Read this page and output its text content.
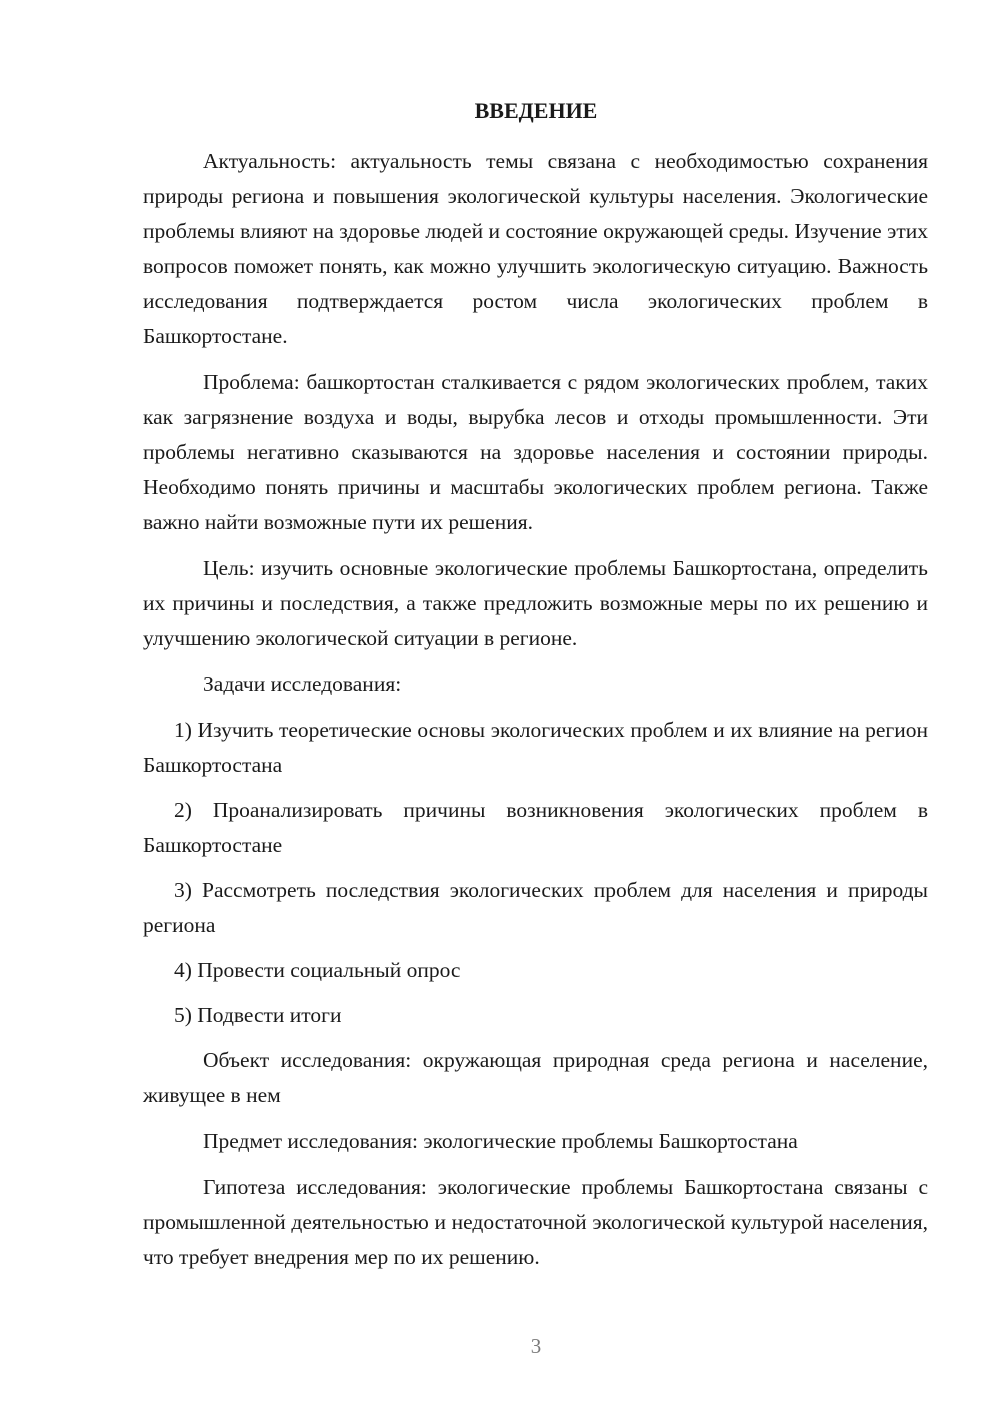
ВВЕДЕНИЕ

Актуальность: актуальность темы связана с необходимостью сохранения природы региона и повышения экологической культуры населения. Экологические проблемы влияют на здоровье людей и состояние окружающей среды. Изучение этих вопросов поможет понять, как можно улучшить экологическую ситуацию. Важность исследования подтверждается ростом числа экологических проблем в Башкортостане.

Проблема: башкортостан сталкивается с рядом экологических проблем, таких как загрязнение воздуха и воды, вырубка лесов и отходы промышленности. Эти проблемы негативно сказываются на здоровье населения и состоянии природы. Необходимо понять причины и масштабы экологических проблем региона. Также важно найти возможные пути их решения.

Цель: изучить основные экологические проблемы Башкортостана, определить их причины и последствия, а также предложить возможные меры по их решению и улучшению экологической ситуации в регионе.

Задачи исследования:

1) Изучить теоретические основы экологических проблем и их влияние на регион Башкортостана

2) Проанализировать причины возникновения экологических проблем в Башкортостане

3) Рассмотреть последствия экологических проблем для населения и природы региона

4) Провести социальный опрос

5) Подвести итоги

Объект исследования: окружающая природная среда региона и население, живущее в нем

Предмет исследования: экологические проблемы Башкортостана

Гипотеза исследования: экологические проблемы Башкортостана связаны с промышленной деятельностью и недостаточной экологической культурой населения, что требует внедрения мер по их решению.

3
